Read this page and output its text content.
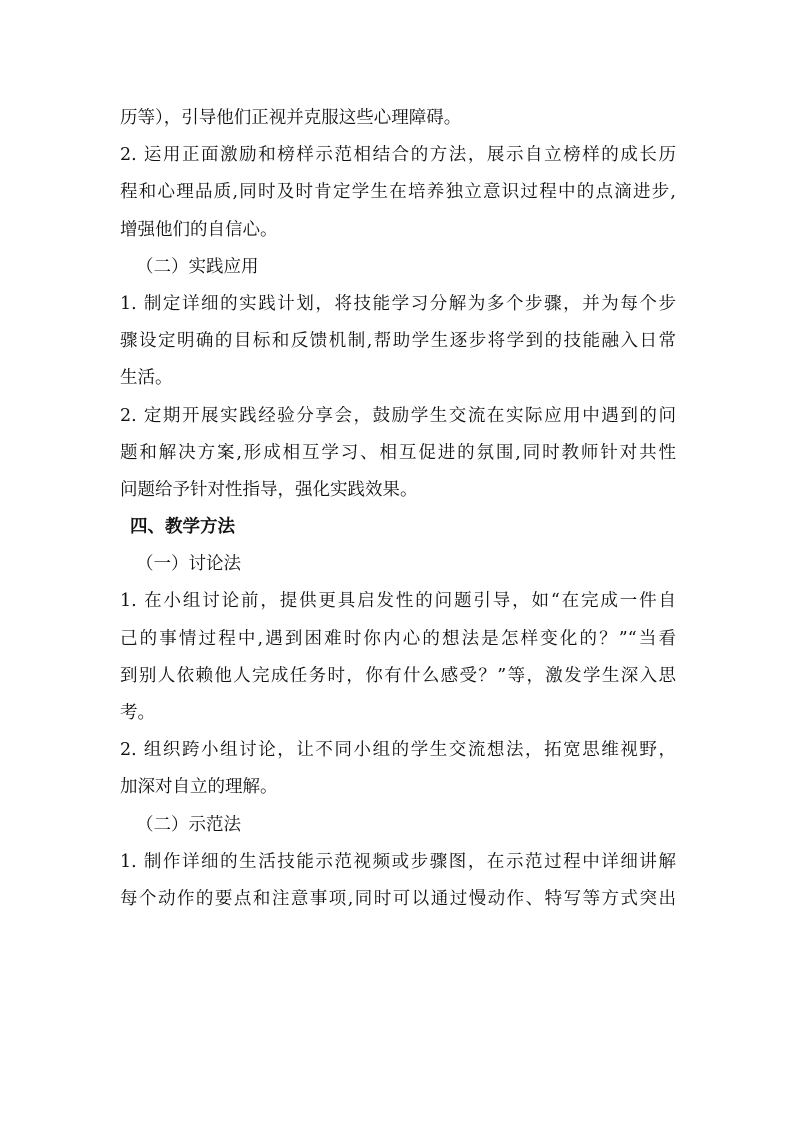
历等），引导他们正视并克服这些心理障碍。
2. 运用正面激励和榜样示范相结合的方法，展示自立榜样的成长历
程和心理品质,同时及时肯定学生在培养独立意识过程中的点滴进步,
增强他们的自信心。
（二）实践应用
1. 制定详细的实践计划，将技能学习分解为多个步骤，并为每个步
骤设定明确的目标和反馈机制,帮助学生逐步将学到的技能融入日常
生活。
2. 定期开展实践经验分享会，鼓励学生交流在实际应用中遇到的问
题和解决方案,形成相互学习、相互促进的氛围,同时教师针对共性
问题给予针对性指导，强化实践效果。
四、教学方法
（一）讨论法
1. 在小组讨论前，提供更具启发性的问题引导，如“在完成一件自
己的事情过程中,遇到困难时你内心的想法是怎样变化的？”“当看
到别人依赖他人完成任务时，你有什么感受？”等，激发学生深入思
考。
2. 组织跨小组讨论，让不同小组的学生交流想法，拓宽思维视野，
加深对自立的理解。
（二）示范法
1. 制作详细的生活技能示范视频或步骤图，在示范过程中详细讲解
每个动作的要点和注意事项,同时可以通过慢动作、特写等方式突出
